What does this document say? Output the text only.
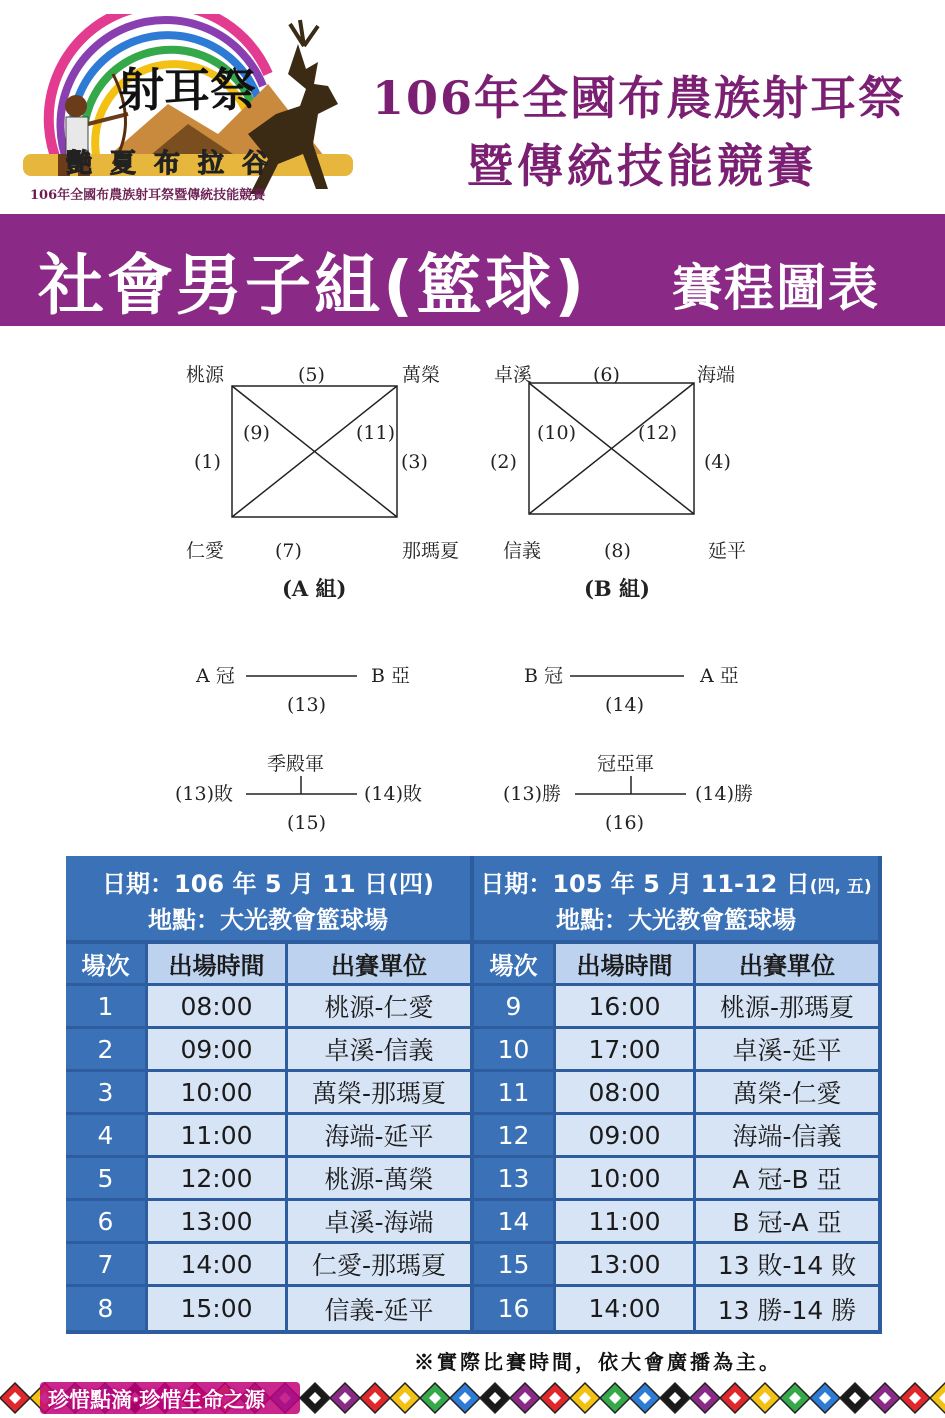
射耳祭
艷夏布拉谷
106年全國布農族射耳祭暨傳統技能競賽
106年全國布農族射耳祭
暨傳統技能競賽
社會男子組(籃球) 賽程圖表
桃源	(5)	萬榮
(9)	(11)
(1)	(3)
仁愛	(7)	那瑪夏
(A 組)
卓溪	(6)	海端
(10)	(12)
(2)	(4)
信義	(8)	延平
(B 組)
A 冠	B 亞
(13)
B 冠	A 亞
(14)
季殿軍
(13)敗	(14)敗
(15)
冠亞軍
(13)勝	(14)勝
(16)
日期：106 年 5 月 11 日(四)
地點：大光教會籃球場
場次	出場時間	出賽單位
1	08:00	桃源-仁愛
2	09:00	卓溪-信義
3	10:00	萬榮-那瑪夏
4	11:00	海端-延平
5	12:00	桃源-萬榮
6	13:00	卓溪-海端
7	14:00	仁愛-那瑪夏
8	15:00	信義-延平
日期：105 年 5 月 11-12 日(四, 五)
地點：大光教會籃球場
場次	出場時間	出賽單位
9	16:00	桃源-那瑪夏
10	17:00	卓溪-延平
11	08:00	萬榮-仁愛
12	09:00	海端-信義
13	10:00	A 冠-B 亞
14	11:00	B 冠-A 亞
15	13:00	13 敗-14 敗
16	14:00	13 勝-14 勝
※實際比賽時間，依大會廣播為主。
珍惜點滴‧珍惜生命之源
